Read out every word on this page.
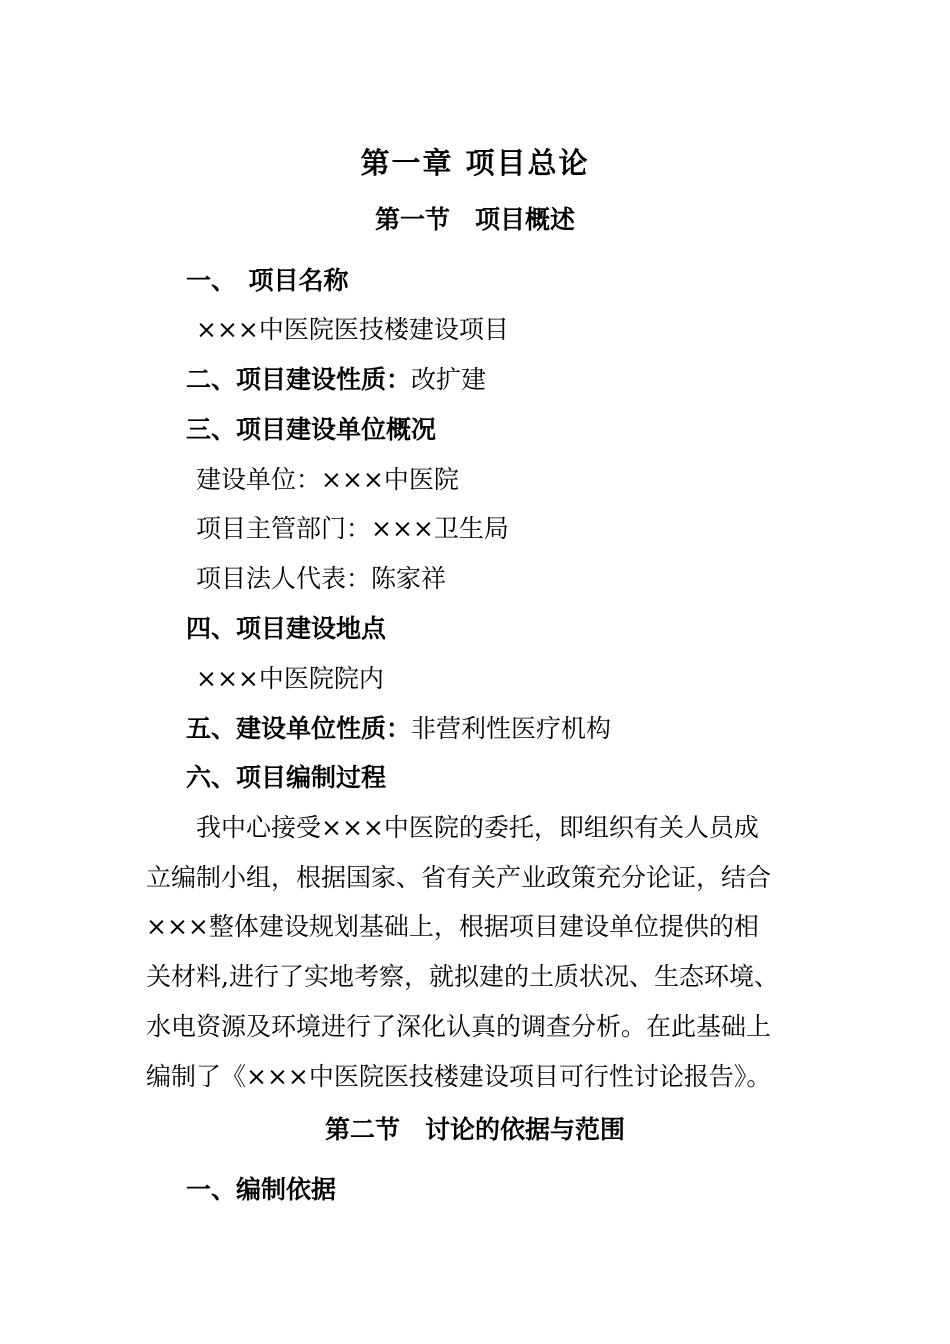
第一章 项目总论
第一节　项目概述
一、　项目名称
×××中医院医技楼建设项目
二、项目建设性质：改扩建
三、项目建设单位概况
建设单位：×××中医院
项目主管部门：×××卫生局
项目法人代表：陈家祥
四、项目建设地点
×××中医院院内
五、建设单位性质：非营利性医疗机构
六、项目编制过程
我中心接受×××中医院的委托，即组织有关人员成
立编制小组，根据国家、省有关产业政策充分论证，结合
×××整体建设规划基础上，根据项目建设单位提供的相
关材料,进行了实地考察，就拟建的土质状况、生态环境、
水电资源及环境进行了深化认真的调查分析。在此基础上
编制了《×××中医院医技楼建设项目可行性讨论报告》。
第二节　讨论的依据与范围
一、编制依据
